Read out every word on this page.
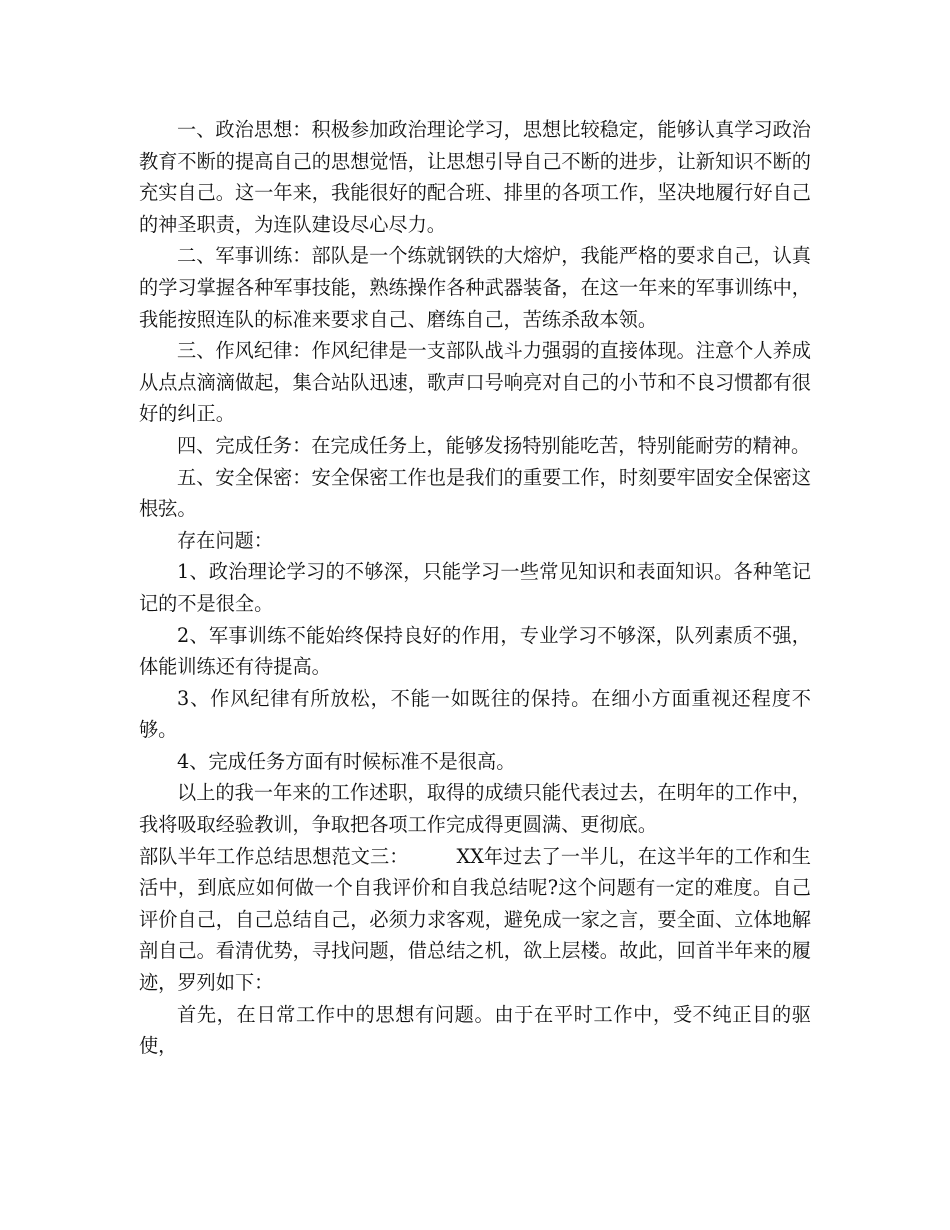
一、政治思想：积极参加政治理论学习，思想比较稳定，能够认真学习政治教育不断的提高自己的思想觉悟，让思想引导自己不断的进步，让新知识不断的充实自己。这一年来，我能很好的配合班、排里的各项工作，坚决地履行好自己的神圣职责，为连队建设尽心尽力。

二、军事训练：部队是一个练就钢铁的大熔炉，我能严格的要求自己，认真的学习掌握各种军事技能，熟练操作各种武器装备，在这一年来的军事训练中，我能按照连队的标准来要求自己、磨练自己，苦练杀敌本领。

三、作风纪律：作风纪律是一支部队战斗力强弱的直接体现。注意个人养成从点点滴滴做起，集合站队迅速，歌声口号响亮对自己的小节和不良习惯都有很好的纠正。

四、完成任务：在完成任务上，能够发扬特别能吃苦，特别能耐劳的精神。

五、安全保密：安全保密工作也是我们的重要工作，时刻要牢固安全保密这根弦。

存在问题：

1、政治理论学习的不够深，只能学习一些常见知识和表面知识。各种笔记记的不是很全。

2、军事训练不能始终保持良好的作用，专业学习不够深，队列素质不强，体能训练还有待提高。

3、作风纪律有所放松，不能一如既往的保持。在细小方面重视还程度不够。

4、完成任务方面有时候标准不是很高。

以上的我一年来的工作述职，取得的成绩只能代表过去，在明年的工作中，我将吸取经验教训，争取把各项工作完成得更圆满、更彻底。

部队半年工作总结思想范文三：	XX年过去了一半儿，在这半年的工作和生活中，到底应如何做一个自我评价和自我总结呢?这个问题有一定的难度。自己评价自己，自己总结自己，必须力求客观，避免成一家之言，要全面、立体地解剖自己。看清优势，寻找问题，借总结之机，欲上层楼。故此，回首半年来的履迹，罗列如下：

首先，在日常工作中的思想有问题。由于在平时工作中，受不纯正目的驱使，
